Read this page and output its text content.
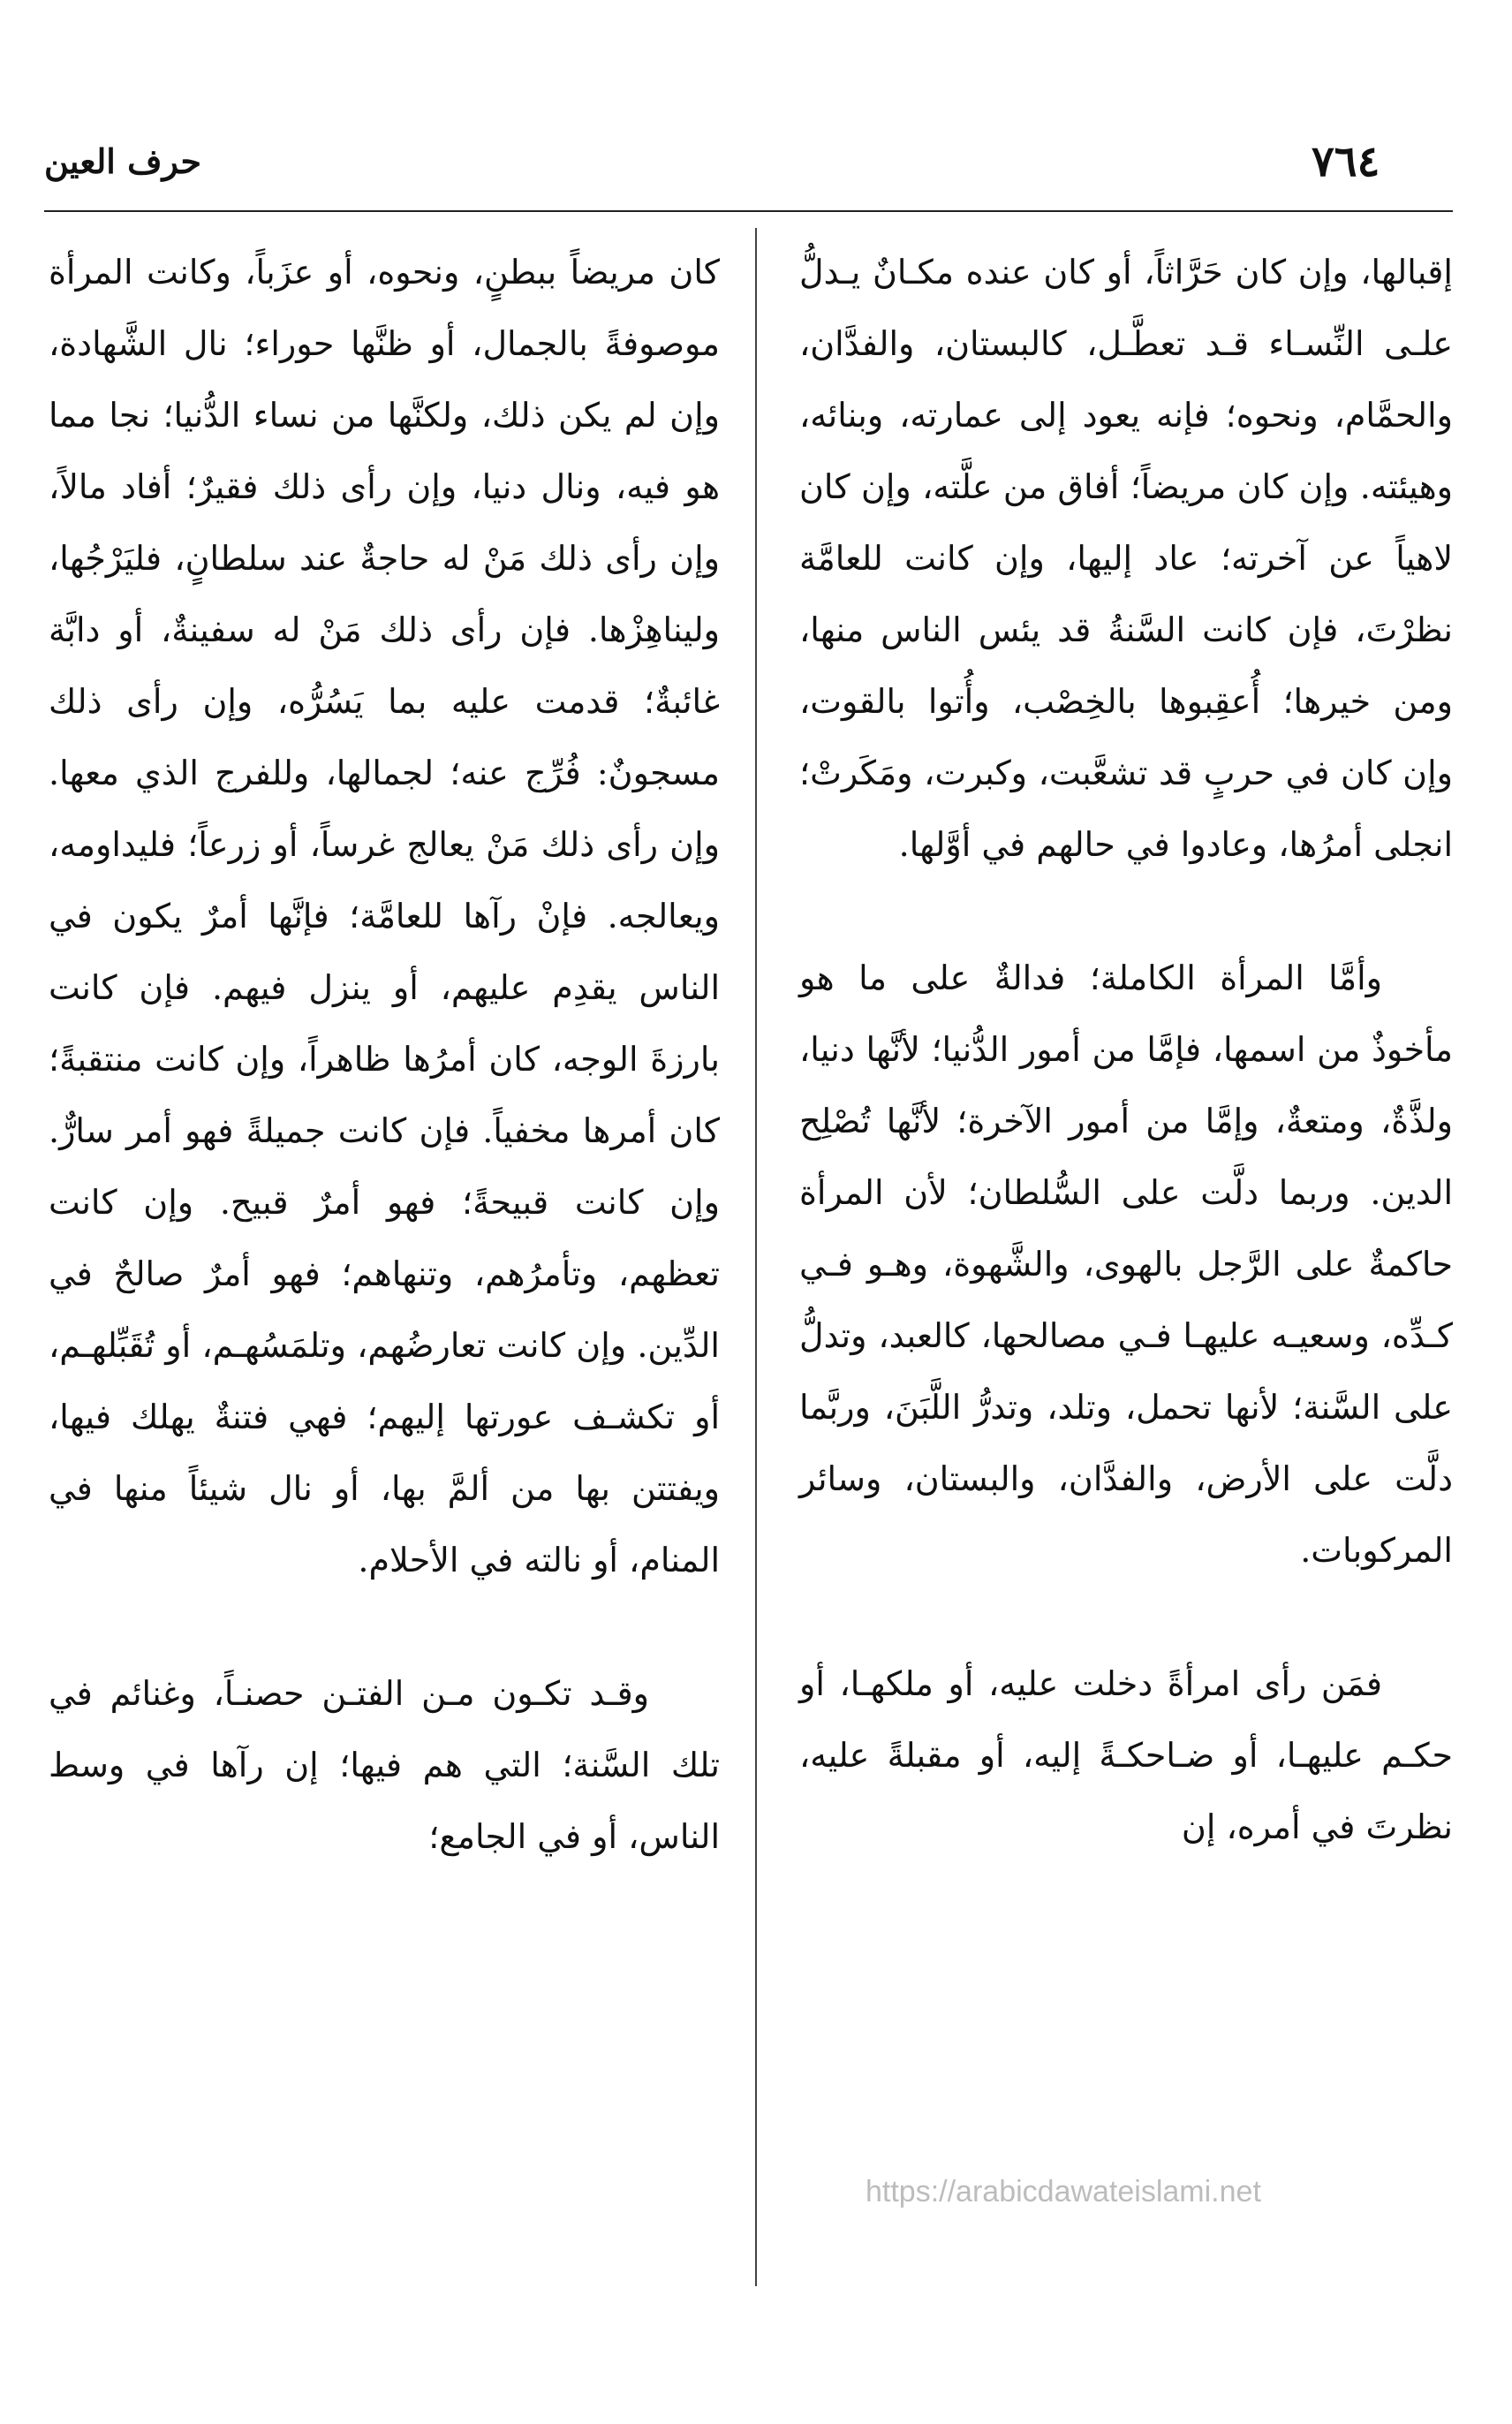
٧٦٤
حرف العين

إقبالها، وإن كان حَرَّاثاً، أو كان عنده مكـانٌ يـدلُّ علـى النِّسـاء قـد تعطَّـل، كالبستان، والفدَّان، والحمَّام، ونحوه؛ فإنه يعود إلى عمارته، وبنائه، وهيئته. وإن كان مريضاً؛ أفاق من علَّته، وإن كان لاهياً عن آخرته؛ عاد إليها، وإن كانت للعامَّة نظرْتَ، فإن كانت السَّنةُ قد يئس الناس منها، ومن خيرها؛ أُعقِبوها بالخِصْب، وأُتوا بالقوت، وإن كان في حربٍ قد تشعَّبت، وكبرت، ومَكَرتْ؛ انجلى أمرُها، وعادوا في حالهم في أوَّلها.

وأمَّا المرأة الكاملة؛ فدالةٌ على ما هو مأخوذٌ من اسمها، فإمَّا من أمور الدُّنيا؛ لأنَّها دنيا، ولذَّةٌ، ومتعةٌ، وإمَّا من أمور الآخرة؛ لأنَّها تُصْلِح الدين. وربما دلَّت على السُّلطان؛ لأن المرأة حاكمةٌ على الرَّجل بالهوى، والشَّهوة، وهـو فـي كـدِّه، وسعيـه عليهـا فـي مصالحها، كالعبد، وتدلُّ على السَّنة؛ لأنها تحمل، وتلد، وتدرُّ اللَّبَنَ، وربَّما دلَّت على الأرض، والفدَّان، والبستان، وسائر المركوبات.

فمَن رأى امرأةً دخلت عليه، أو ملكهـا، أو حكـم عليهـا، أو ضـاحكـةً إليه، أو مقبلةً عليه، نظرتَ في أمره، إن

كان مريضاً ببطنٍ، ونحوه، أو عزَباً، وكانت المرأة موصوفةً بالجمال، أو ظنَّها حوراء؛ نال الشَّهادة، وإن لم يكن ذلك، ولكنَّها من نساء الدُّنيا؛ نجا مما هو فيه، ونال دنيا، وإن رأى ذلك فقيرٌ؛ أفاد مالاً، وإن رأى ذلك مَنْ له حاجةٌ عند سلطانٍ، فليَرْجُها، وليناهِزْها. فإن رأى ذلك مَنْ له سفينةٌ، أو دابَّة غائبةٌ؛ قدمت عليه بما يَسُرُّه، وإن رأى ذلك مسجونٌ: فُرِّج عنه؛ لجمالها، وللفرج الذي معها. وإن رأى ذلك مَنْ يعالج غرساً، أو زرعاً؛ فليداومه، ويعالجه. فإنْ رآها للعامَّة؛ فإنَّها أمرٌ يكون في الناس يقدِم عليهم، أو ينزل فيهم. فإن كانت بارزةَ الوجه، كان أمرُها ظاهراً، وإن كانت منتقبةً؛ كان أمرها مخفياً. فإن كانت جميلةً فهو أمر سارٌّ. وإن كانت قبيحةً؛ فهو أمرٌ قبيح. وإن كانت تعظهم، وتأمرُهم، وتنهاهم؛ فهو أمرٌ صالحٌ في الدِّين. وإن كانت تعارضُهم، وتلمَسُهـم، أو تُقَبِّلهـم، أو تكشـف عورتها إليهم؛ فهي فتنةٌ يهلك فيها، ويفتتن بها من ألمَّ بها، أو نال شيئاً منها في المنام، أو نالته في الأحلام.

وقـد تكـون مـن الفتـن حصنـاً، وغنائم في تلك السَّنة؛ التي هم فيها؛ إن رآها في وسط الناس، أو في الجامع؛

https://arabicdawateislami.net
